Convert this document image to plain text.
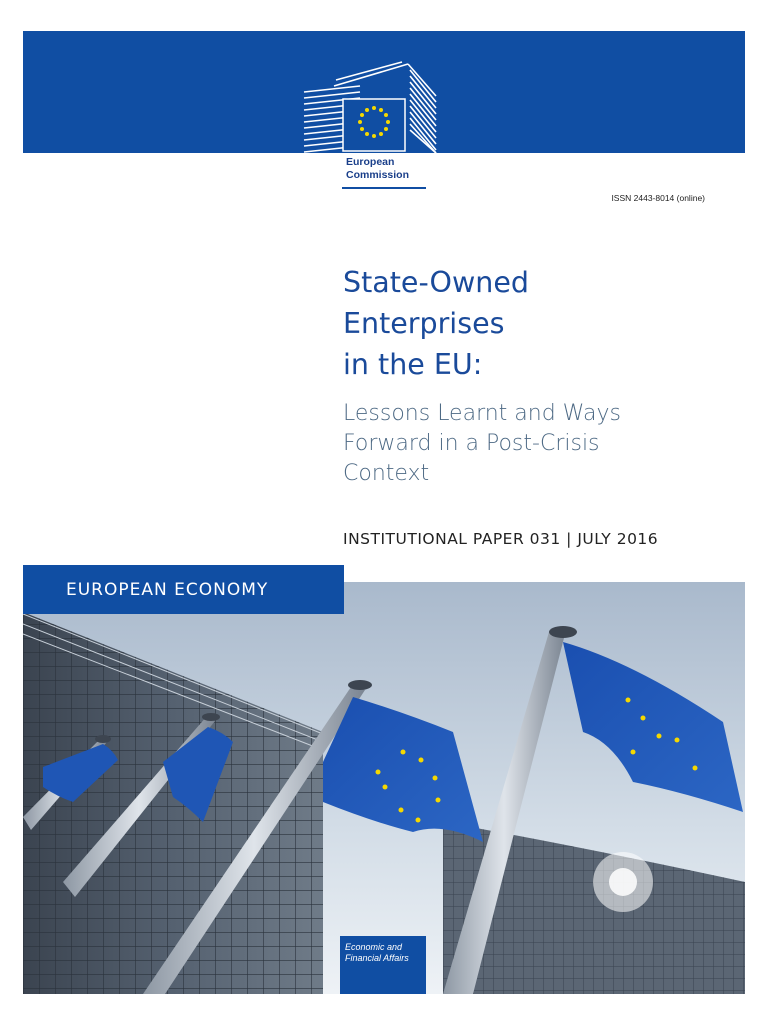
European
Commission
ISSN 2443-8014 (online)
State-Owned
Enterprises
in the EU:
Lessons Learnt and Ways
Forward in a Post-Crisis
Context
INSTITUTIONAL PAPER 031 | JULY 2016
EUROPEAN ECONOMY
Economic and
Financial Affairs
